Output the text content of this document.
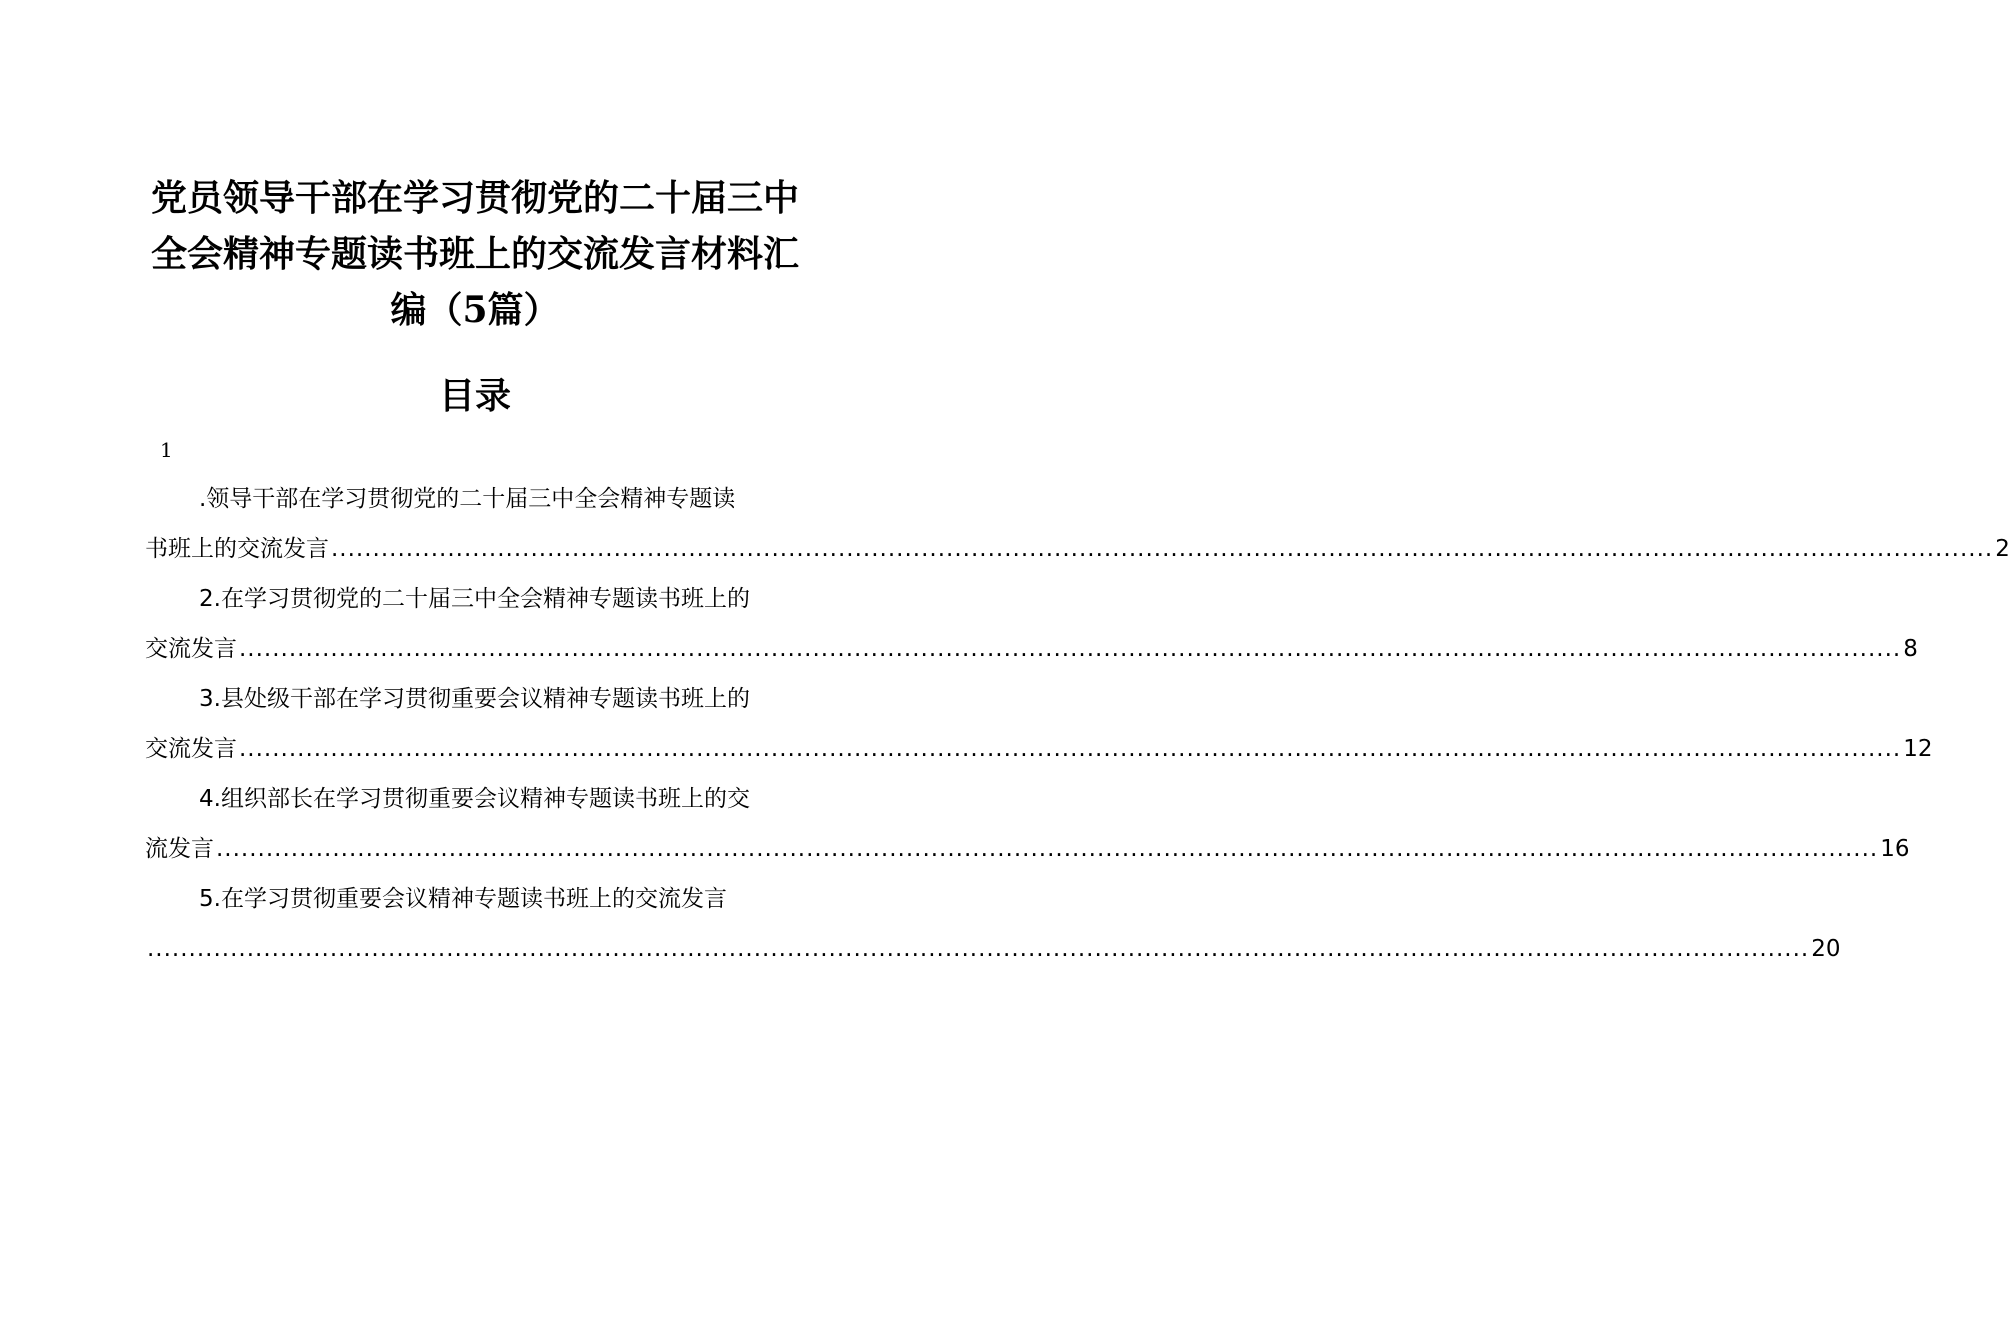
党员领导干部在学习贯彻党的二十届三中
全会精神专题读书班上的交流发言材料汇
编（5篇）
目录
1
.领导干部在学习贯彻党的二十届三中全会精神专题读
书班上的交流发言 ........................................................................................................................................................................................................ 2
2.在学习贯彻党的二十届三中全会精神专题读书班上的
交流发言 ........................................................................................................................................................................................................ 8
3.县处级干部在学习贯彻重要会议精神专题读书班上的
交流发言 ........................................................................................................................................................................................................ 12
4.组织部长在学习贯彻重要会议精神专题读书班上的交
流发言 ........................................................................................................................................................................................................ 16
5.在学习贯彻重要会议精神专题读书班上的交流发言
........................................................................................................................................................................................................ 20
